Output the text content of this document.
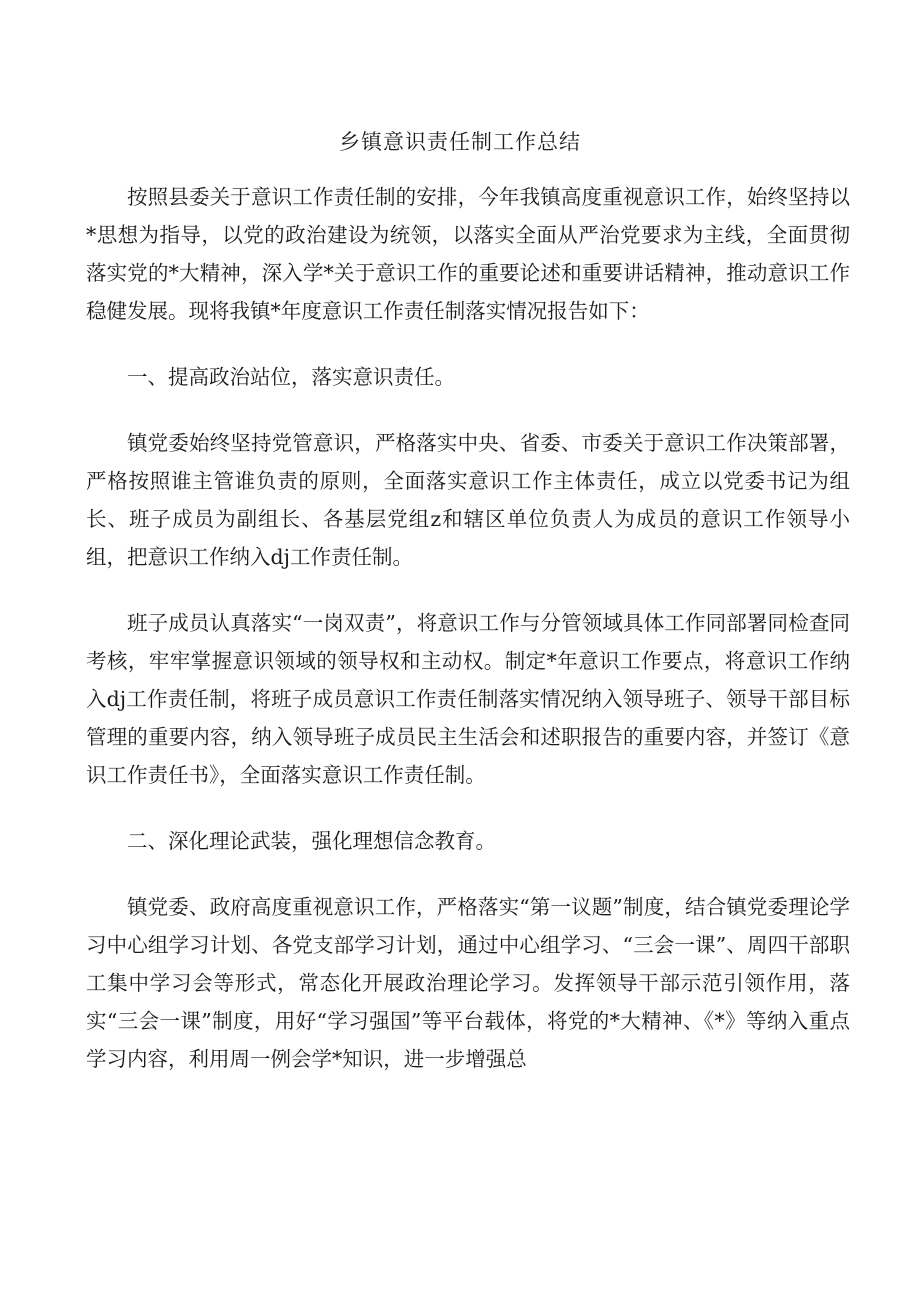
乡镇意识责任制工作总结

按照县委关于意识工作责任制的安排，今年我镇高度重视意识工作，始终坚持以*思想为指导，以党的政治建设为统领，以落实全面从严治党要求为主线，全面贯彻落实党的*大精神，深入学*关于意识工作的重要论述和重要讲话精神，推动意识工作稳健发展。现将我镇*年度意识工作责任制落实情况报告如下：

一、提高政治站位，落实意识责任。

镇党委始终坚持党管意识，严格落实中央、省委、市委关于意识工作决策部署，严格按照谁主管谁负责的原则，全面落实意识工作主体责任，成立以党委书记为组长、班子成员为副组长、各基层党组z和辖区单位负责人为成员的意识工作领导小组，把意识工作纳入dj工作责任制。

班子成员认真落实“一岗双责”，将意识工作与分管领域具体工作同部署同检查同考核，牢牢掌握意识领域的领导权和主动权。制定*年意识工作要点，将意识工作纳入dj工作责任制，将班子成员意识工作责任制落实情况纳入领导班子、领导干部目标管理的重要内容，纳入领导班子成员民主生活会和述职报告的重要内容，并签订《意识工作责任书》，全面落实意识工作责任制。

二、深化理论武装，强化理想信念教育。

镇党委、政府高度重视意识工作，严格落实“第一议题”制度，结合镇党委理论学习中心组学习计划、各党支部学习计划，通过中心组学习、“三会一课”、周四干部职工集中学习会等形式，常态化开展政治理论学习。发挥领导干部示范引领作用，落实“三会一课”制度，用好“学习强国”等平台载体，将党的*大精神、《*》等纳入重点学习内容，利用周一例会学*知识，进一步增强总
